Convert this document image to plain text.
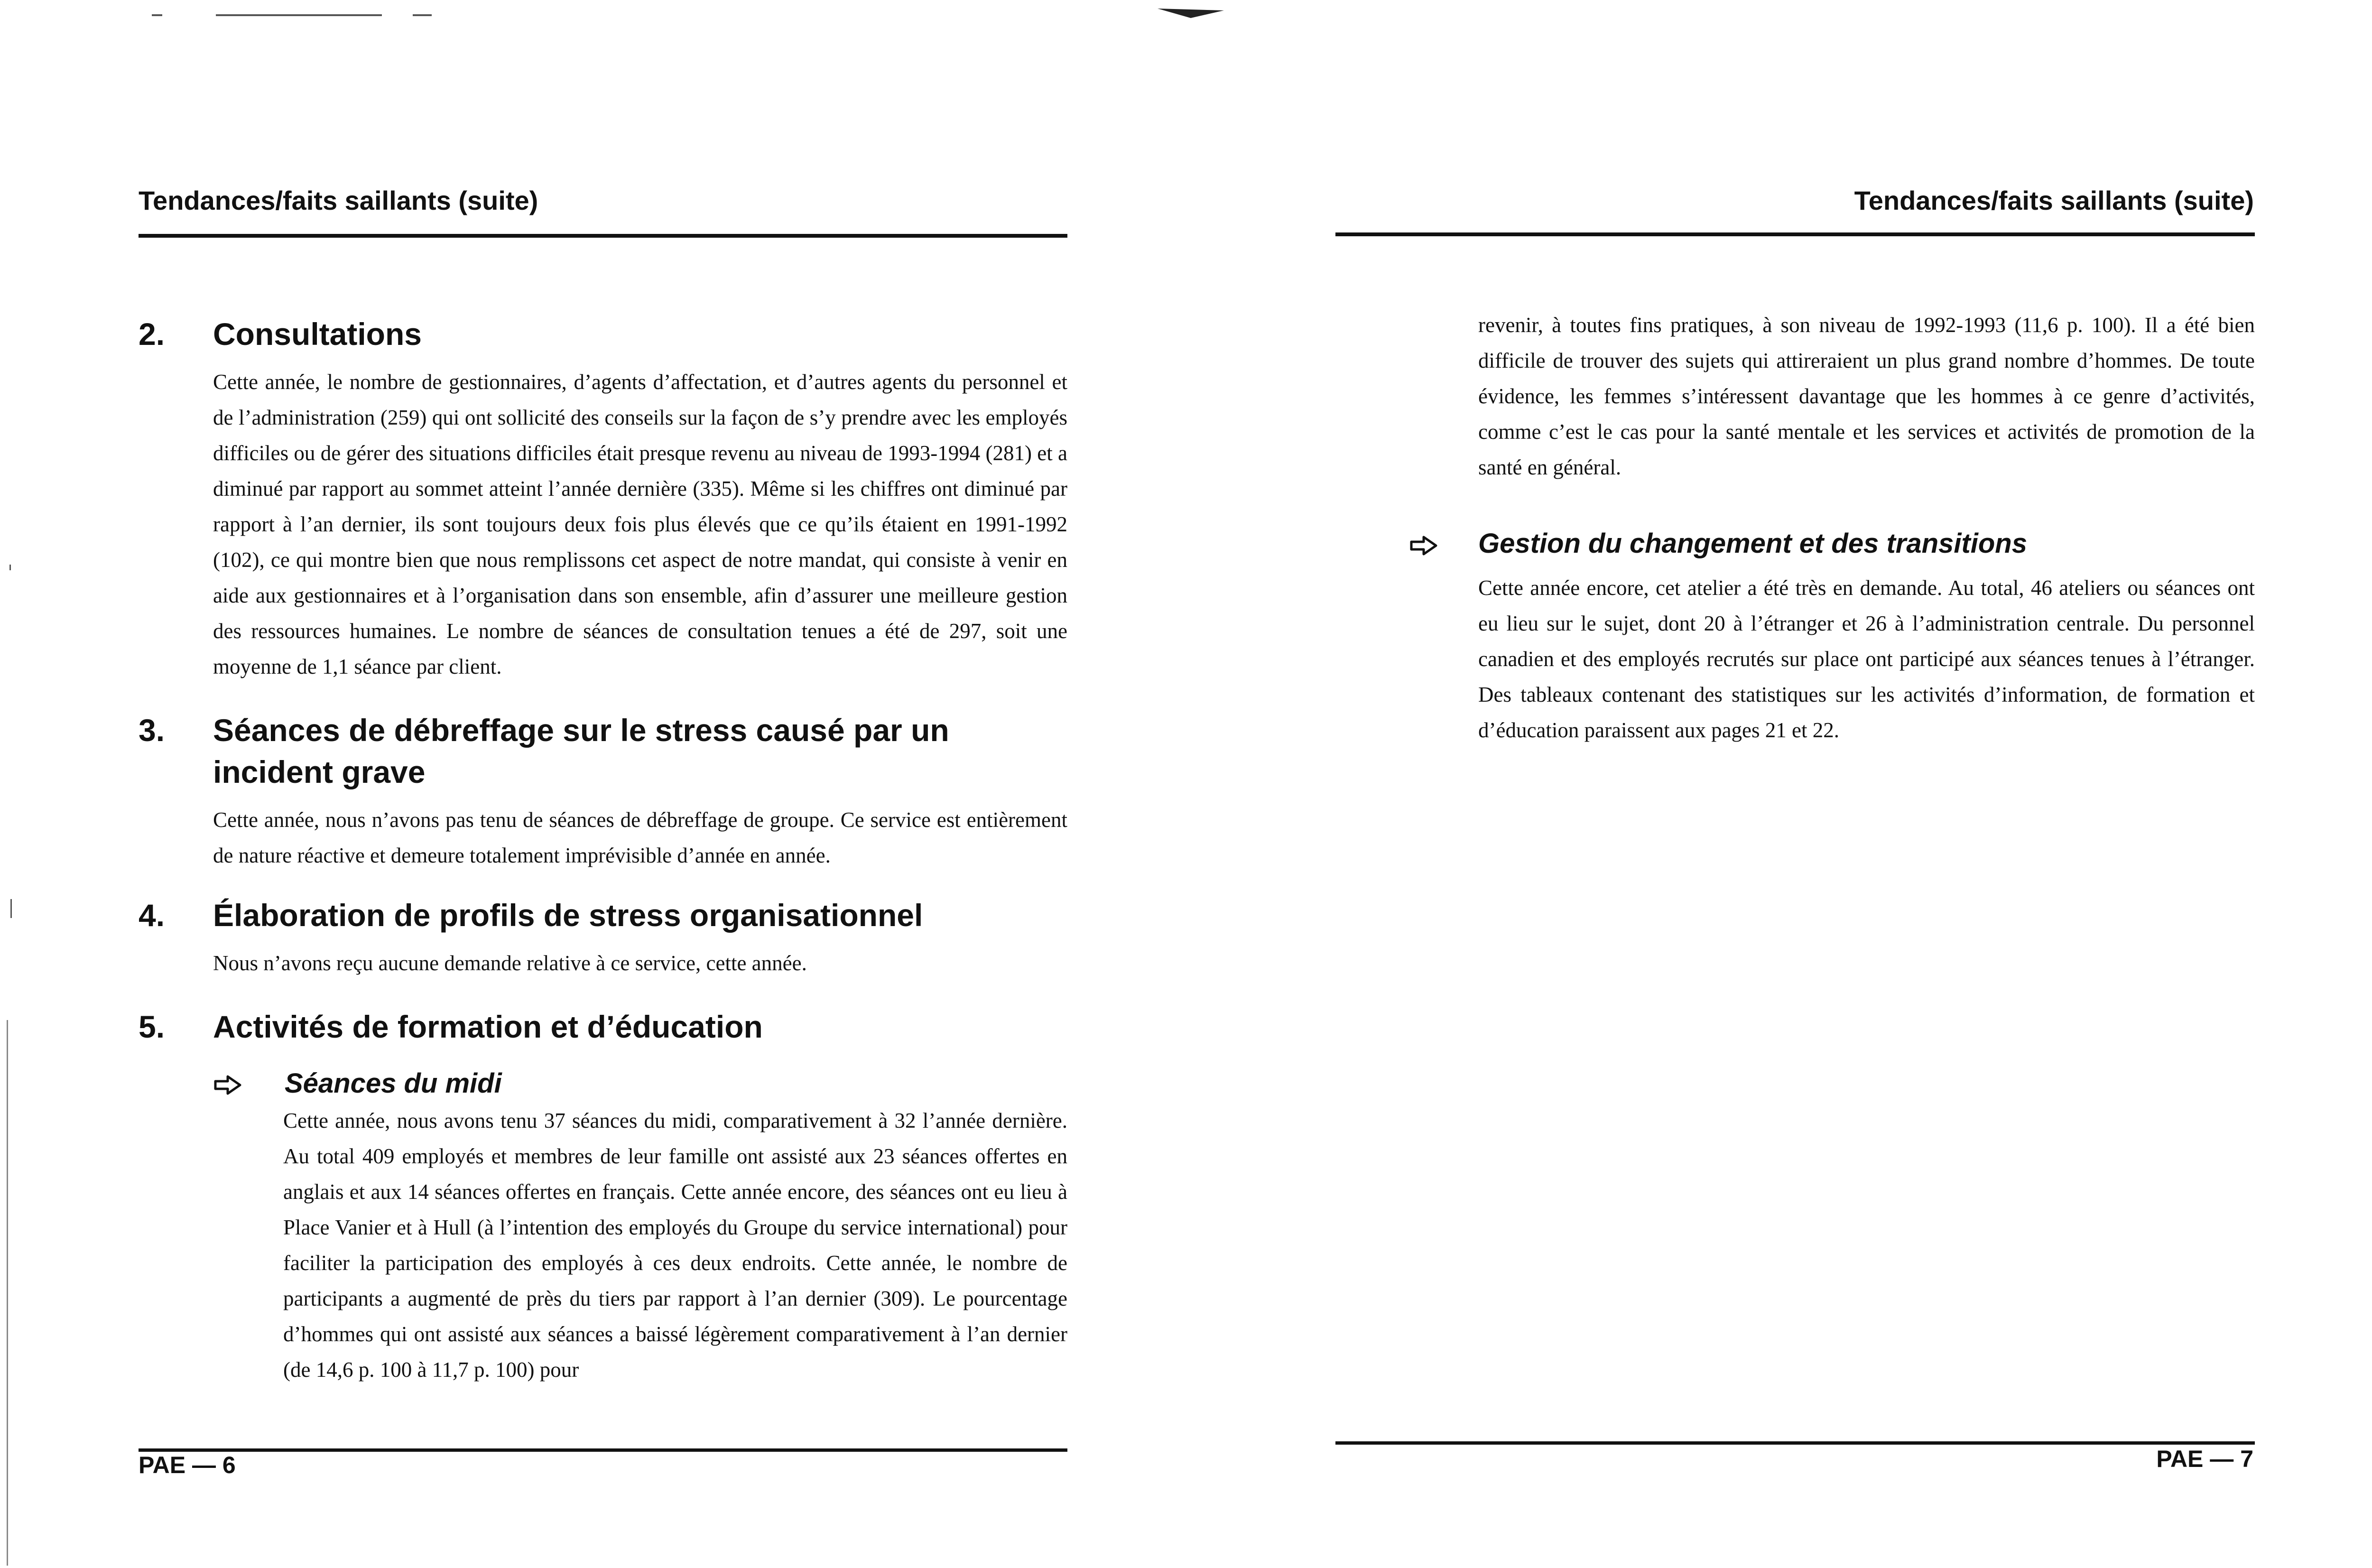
Tendances/faits saillants (suite)
2. Consultations

Cette année, le nombre de gestionnaires, d’agents d’affectation, et d’autres agents du personnel et de l’administration (259) qui ont sollicité des conseils sur la façon de s’y prendre avec les employés difficiles ou de gérer des situations difficiles était presque revenu au niveau de 1993-1994 (281) et a diminué par rapport au sommet atteint l’année dernière (335). Même si les chiffres ont diminué par rapport à l’an dernier, ils sont toujours deux fois plus élevés que ce qu’ils étaient en 1991-1992 (102), ce qui montre bien que nous remplissons cet aspect de notre mandat, qui consiste à venir en aide aux gestionnaires et à l’organisation dans son ensemble, afin d’assurer une meilleure gestion des ressources humaines. Le nombre de séances de consultation tenues a été de 297, soit une moyenne de 1,1 séance par client.

3. Séances de débreffage sur le stress causé par un incident grave

Cette année, nous n’avons pas tenu de séances de débreffage de groupe. Ce service est entièrement de nature réactive et demeure totalement imprévisible d’année en année.

4. Élaboration de profils de stress organisationnel

Nous n’avons reçu aucune demande relative à ce service, cette année.

5. Activités de formation et d’éducation
Séances du midi

Cette année, nous avons tenu 37 séances du midi, comparativement à 32 l’année dernière. Au total 409 employés et membres de leur famille ont assisté aux 23 séances offertes en anglais et aux 14 séances offertes en français. Cette année encore, des séances ont eu lieu à Place Vanier et à Hull (à l’intention des employés du Groupe du service international) pour faciliter la participation des employés à ces deux endroits. Cette année, le nombre de participants a augmenté de près du tiers par rapport à l’an dernier (309). Le pourcentage d’hommes qui ont assisté aux séances a baissé légèrement comparativement à l’an dernier (de 14,6 p. 100 à 11,7 p. 100) pour

PAE — 6
Tendances/faits saillants (suite)

revenir, à toutes fins pratiques, à son niveau de 1992-1993 (11,6 p. 100). Il a été bien difficile de trouver des sujets qui attireraient un plus grand nombre d’hommes. De toute évidence, les femmes s’intéressent davantage que les hommes à ce genre d’activités, comme c’est le cas pour la santé mentale et les services et activités de promotion de la santé en général.

Gestion du changement et des transitions

Cette année encore, cet atelier a été très en demande. Au total, 46 ateliers ou séances ont eu lieu sur le sujet, dont 20 à l’étranger et 26 à l’administration centrale. Du personnel canadien et des employés recrutés sur place ont participé aux séances tenues à l’étranger. Des tableaux contenant des statistiques sur les activités d’information, de formation et d’éducation paraissent aux pages 21 et 22.

PAE — 7
